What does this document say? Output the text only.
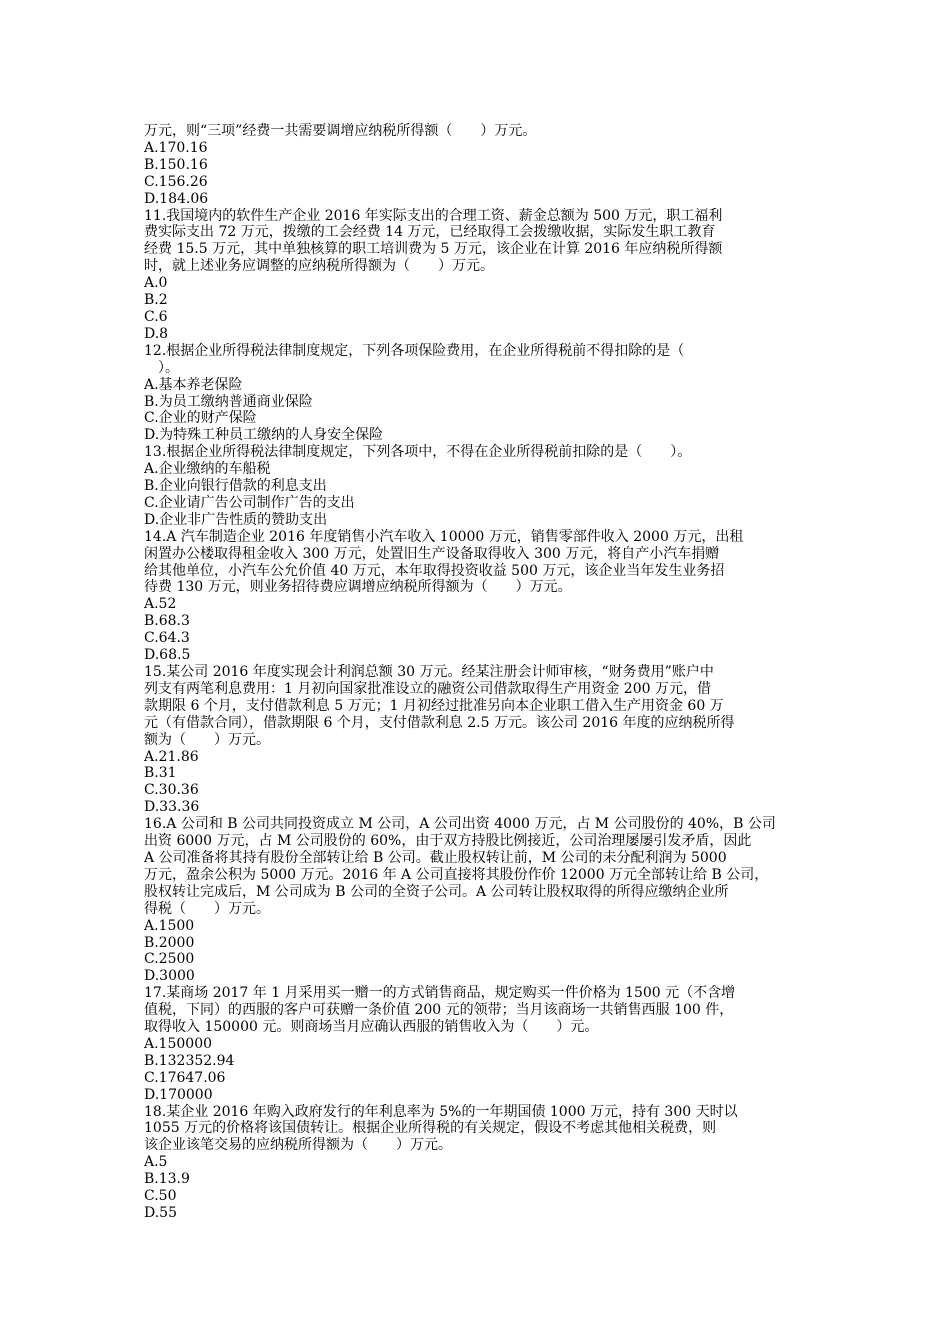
万元，则“三项”经费一共需要调增应纳税所得额（　　）万元。

A.170.16

B.150.16

C.156.26

D.184.06

11.我国境内的软件生产企业 2016 年实际支出的合理工资、薪金总额为 500 万元，职工福利

费实际支出 72 万元，拨缴的工会经费 14 万元，已经取得工会拨缴收据，实际发生职工教育

经费 15.5 万元，其中单独核算的职工培训费为 5 万元，该企业在计算 2016 年应纳税所得额

时，就上述业务应调整的应纳税所得额为（　　）万元。

A.0

B.2

C.6

D.8

12.根据企业所得税法律制度规定，下列各项保险费用，在企业所得税前不得扣除的是（

　）。

A.基本养老保险

B.为员工缴纳普通商业保险

C.企业的财产保险

D.为特殊工种员工缴纳的人身安全保险

13.根据企业所得税法律制度规定，下列各项中，不得在企业所得税前扣除的是（　　）。

A.企业缴纳的车船税

B.企业向银行借款的利息支出

C.企业请广告公司制作广告的支出

D.企业非广告性质的赞助支出

14.A 汽车制造企业 2016 年度销售小汽车收入 10000 万元，销售零部件收入 2000 万元，出租

闲置办公楼取得租金收入 300 万元，处置旧生产设备取得收入 300 万元，将自产小汽车捐赠

给其他单位，小汽车公允价值 40 万元，本年取得投资收益 500 万元，该企业当年发生业务招

待费 130 万元，则业务招待费应调增应纳税所得额为（　　）万元。

A.52

B.68.3

C.64.3

D.68.5

15.某公司 2016 年度实现会计利润总额 30 万元。经某注册会计师审核，“财务费用”账户中

列支有两笔利息费用：1 月初向国家批准设立的融资公司借款取得生产用资金 200 万元，借

款期限 6 个月，支付借款利息 5 万元；1 月初经过批准另向本企业职工借入生产用资金 60 万

元（有借款合同），借款期限 6 个月，支付借款利息 2.5 万元。该公司 2016 年度的应纳税所得

额为（　　）万元。

A.21.86

B.31

C.30.36

D.33.36

16.A 公司和 B 公司共同投资成立 M 公司，A 公司出资 4000 万元，占 M 公司股份的 40%，B 公司

出资 6000 万元，占 M 公司股份的 60%，由于双方持股比例接近，公司治理屡屡引发矛盾，因此

A 公司准备将其持有股份全部转让给 B 公司。截止股权转让前，M 公司的未分配利润为 5000

万元，盈余公积为 5000 万元。2016 年 A 公司直接将其股份作价 12000 万元全部转让给 B 公司，

股权转让完成后，M 公司成为 B 公司的全资子公司。A 公司转让股权取得的所得应缴纳企业所

得税（　　）万元。

A.1500

B.2000

C.2500

D.3000

17.某商场 2017 年 1 月采用买一赠一的方式销售商品，规定购买一件价格为 1500 元（不含增

值税，下同）的西服的客户可获赠一条价值 200 元的领带；当月该商场一共销售西服 100 件，

取得收入 150000 元。则商场当月应确认西服的销售收入为（　　）元。

A.150000

B.132352.94

C.17647.06

D.170000

18.某企业 2016 年购入政府发行的年利息率为 5%的一年期国债 1000 万元，持有 300 天时以

1055 万元的价格将该国债转让。根据企业所得税的有关规定，假设不考虑其他相关税费，则

该企业该笔交易的应纳税所得额为（　　）万元。

A.5

B.13.9

C.50

D.55
